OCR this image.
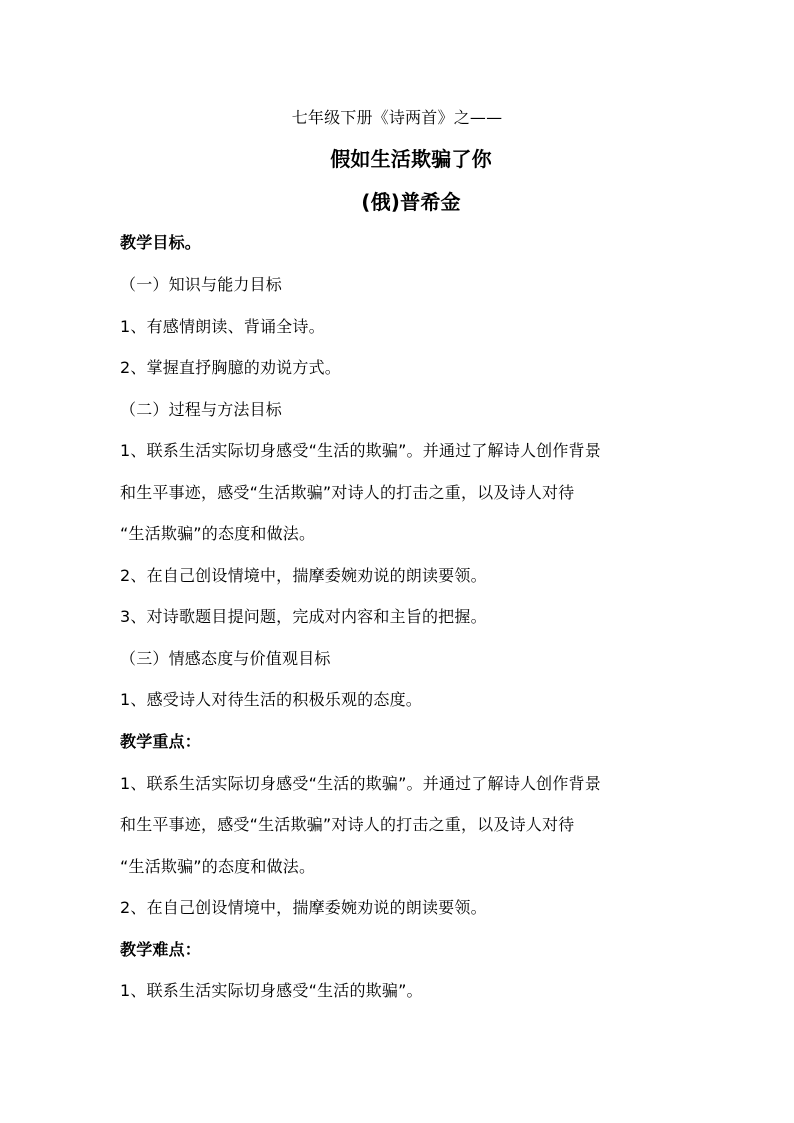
七年级下册《诗两首》之——
假如生活欺骗了你
(俄)普希金
教学目标。
（一）知识与能力目标
1、有感情朗读、背诵全诗。
2、掌握直抒胸臆的劝说方式。
（二）过程与方法目标
1、联系生活实际切身感受“生活的欺骗”。并通过了解诗人创作背景
和生平事迹，感受“生活欺骗”对诗人的打击之重，以及诗人对待
“生活欺骗”的态度和做法。
2、在自己创设情境中，揣摩委婉劝说的朗读要领。
3、对诗歌题目提问题，完成对内容和主旨的把握。
（三）情感态度与价值观目标
1、感受诗人对待生活的积极乐观的态度。
教学重点：
1、联系生活实际切身感受“生活的欺骗”。并通过了解诗人创作背景
和生平事迹，感受“生活欺骗”对诗人的打击之重，以及诗人对待
“生活欺骗”的态度和做法。
2、在自己创设情境中，揣摩委婉劝说的朗读要领。
教学难点：
1、联系生活实际切身感受“生活的欺骗”。
